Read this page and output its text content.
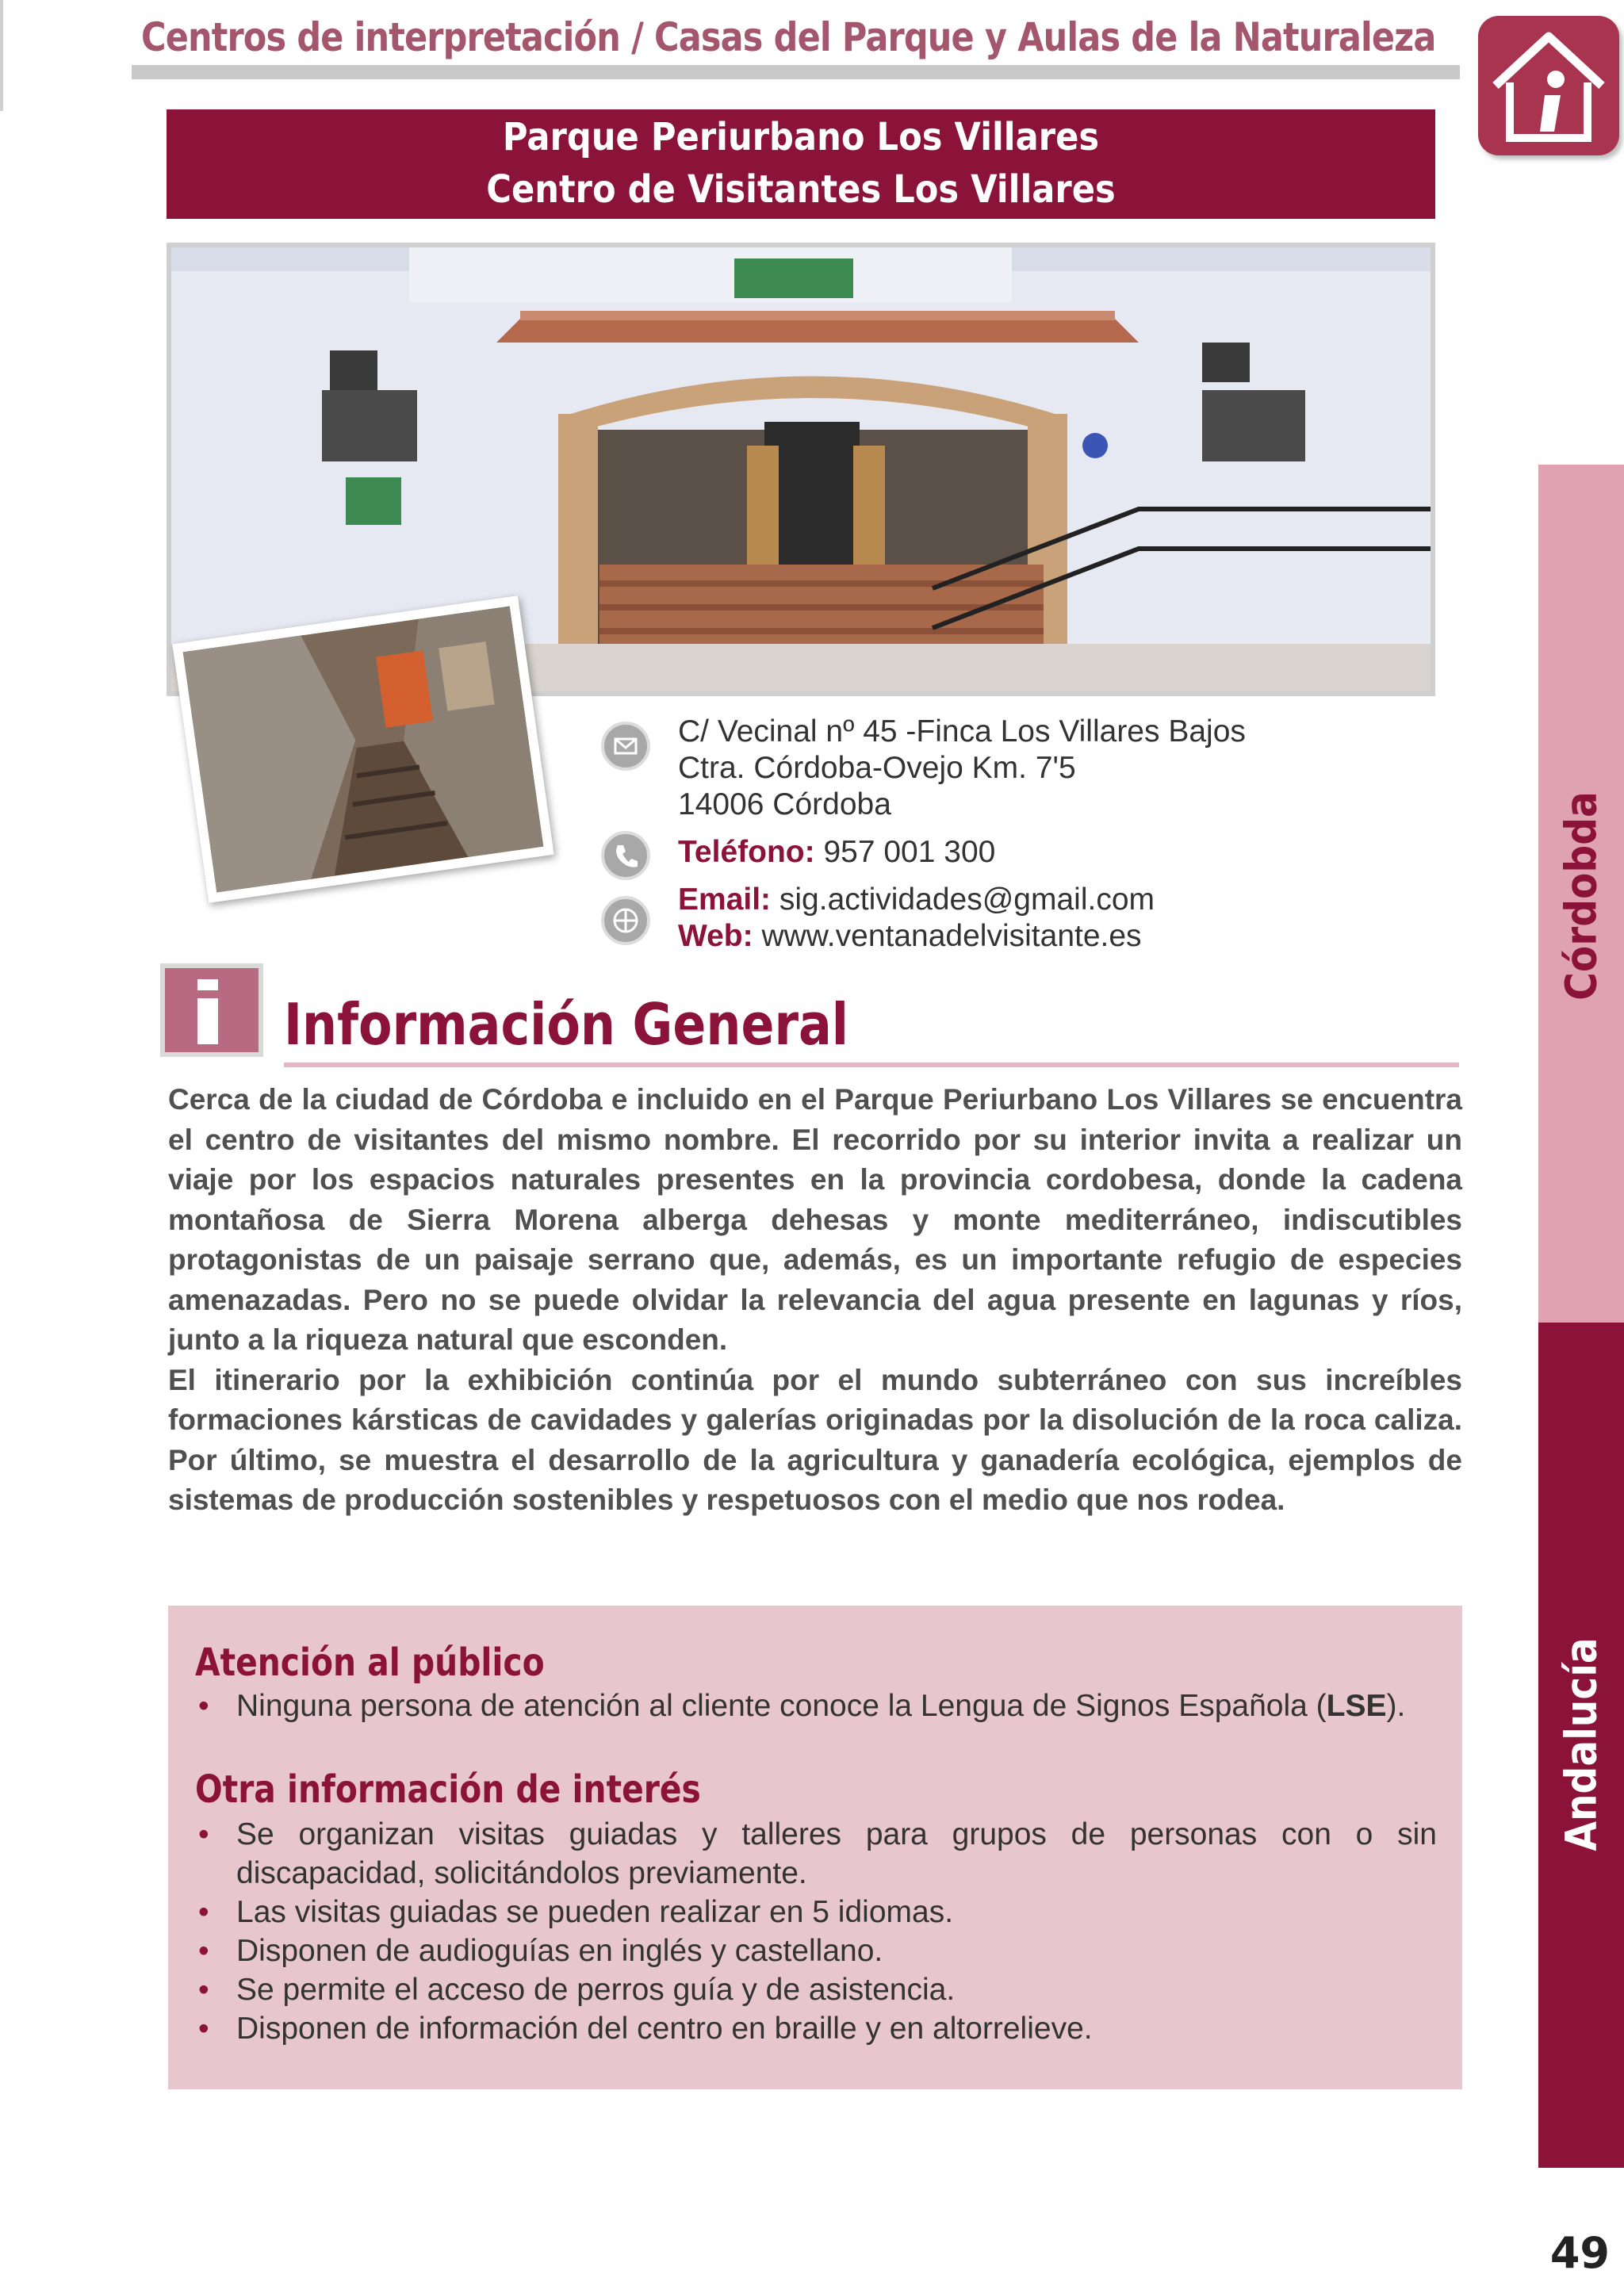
Centros de interpretación / Casas del Parque y Aulas de la Naturaleza
Parque Periurbano Los Villares
Centro de Visitantes Los Villares
C/ Vecinal nº 45 -Finca Los Villares Bajos
Ctra. Córdoba-Ovejo Km. 7'5
14006 Córdoba
Teléfono: 957 001 300
Email: sig.actividades@gmail.com
Web: www.ventanadelvisitante.es
Información General

Cerca de la ciudad de Córdoba e incluido en el Parque Periurbano Los Villares se encuentra el centro de visitantes del mismo nombre. El recorrido por su interior invita a realizar un viaje por los espacios naturales presentes en la provincia cordobesa, donde la cadena montañosa de Sierra Morena alberga dehesas y monte mediterráneo, indiscutibles protagonistas de un paisaje serrano que, además, es un importante refugio de especies amenazadas. Pero no se puede olvidar la relevancia del agua presente en lagunas y ríos, junto a la riqueza natural que esconden.

El itinerario por la exhibición continúa por el mundo subterráneo con sus increíbles formaciones kársticas de cavidades y galerías originadas por la disolución de la roca caliza. Por último, se muestra el desarrollo de la agricultura y ganadería ecológica, ejemplos de sistemas de producción sostenibles y respetuosos con el medio que nos rodea.

Atención al público
• Ninguna persona de atención al cliente conoce la Lengua de Signos Española (LSE).
Otra información de interés
• Se organizan visitas guiadas y talleres para grupos de personas con o sin discapacidad, solicitándolos previamente.
• Las visitas guiadas se pueden realizar en 5 idiomas.
• Disponen de audioguías en inglés y castellano.
• Se permite el acceso de perros guía y de asistencia.
• Disponen de información del centro en braille y en altorrelieve.
Córdobda
Andalucía
49
